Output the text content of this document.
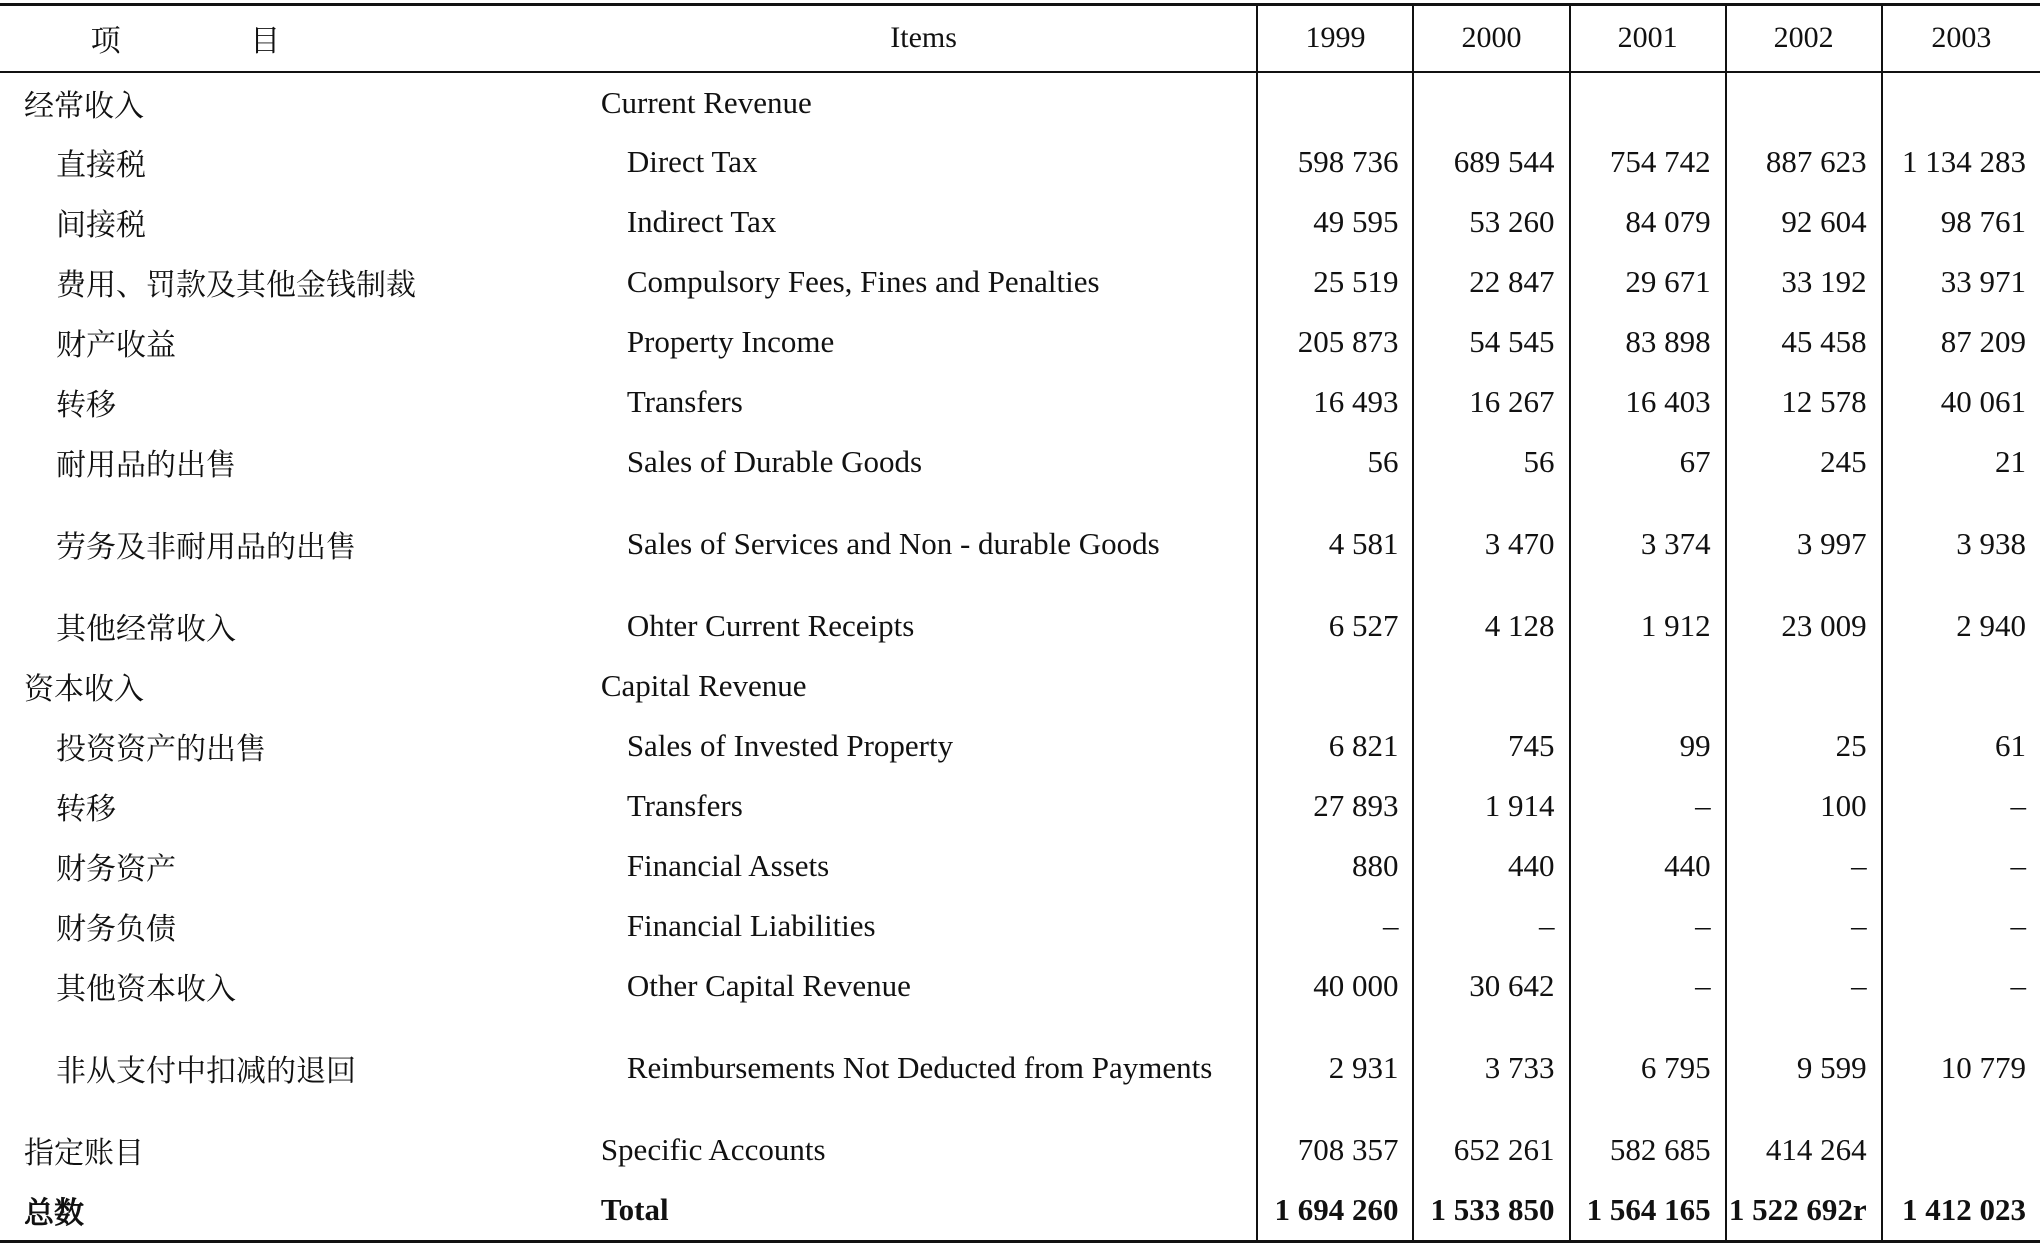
项 目	Items	1999	2000	2001	2002	2003
经常收入	Current Revenue					
直接税	Direct Tax	598 736	689 544	754 742	887 623	1 134 283
间接税	Indirect Tax	49 595	53 260	84 079	92 604	98 761
费用、罚款及其他金钱制裁	Compulsory Fees, Fines and Penalties	25 519	22 847	29 671	33 192	33 971
财产收益	Property Income	205 873	54 545	83 898	45 458	87 209
转移	Transfers	16 493	16 267	16 403	12 578	40 061
耐用品的出售	Sales of Durable Goods	56	56	67	245	21
劳务及非耐用品的出售	Sales of Services and Non - durable Goods	4 581	3 470	3 374	3 997	3 938
其他经常收入	Ohter Current Receipts	6 527	4 128	1 912	23 009	2 940
资本收入	Capital Revenue					
投资资产的出售	Sales of Invested Property	6 821	745	99	25	61
转移	Transfers	27 893	1 914	–	100	–
财务资产	Financial Assets	880	440	440	–	–
财务负债	Financial Liabilities	–	–	–	–	–
其他资本收入	Other Capital Revenue	40 000	30 642	–	–	–
非从支付中扣减的退回	Reimbursements Not Deducted from Payments	2 931	3 733	6 795	9 599	10 779
指定账目	Specific Accounts	708 357	652 261	582 685	414 264	
总数	Total	1 694 260	1 533 850	1 564 165	1 522 692r	1 412 023
